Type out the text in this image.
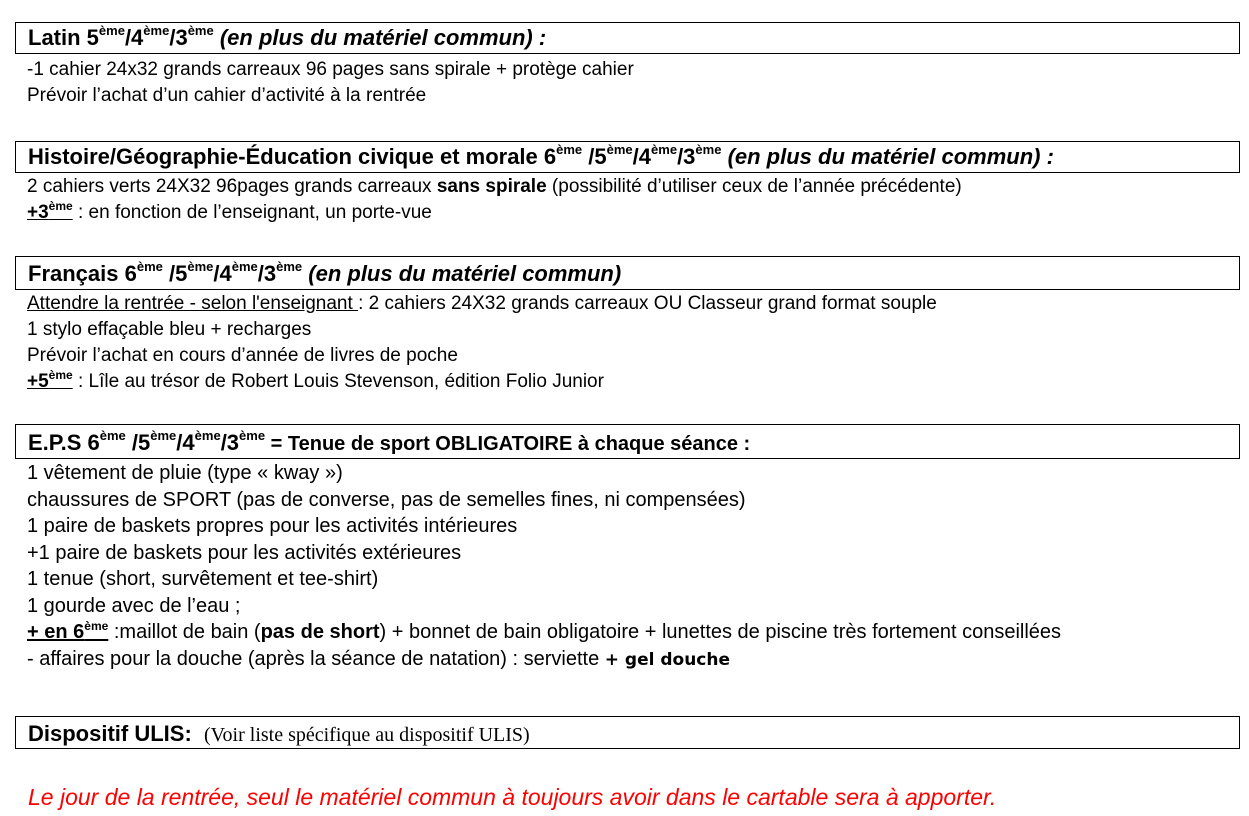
Latin 5ème/4ème/3ème (en plus du matériel commun) :
-1 cahier 24x32 grands carreaux 96 pages sans spirale + protège cahier
Prévoir l’achat d’un cahier d’activité à la rentrée
Histoire/Géographie-Éducation civique et morale 6ème /5ème/4ème/3ème (en plus du matériel commun) :
2 cahiers verts 24X32 96pages grands carreaux sans spirale (possibilité d’utiliser ceux de l’année précédente)
+3ème : en fonction de l’enseignant, un porte-vue
Français 6ème /5ème/4ème/3ème (en plus du matériel commun)
Attendre la rentrée - selon l'enseignant : 2 cahiers 24X32 grands carreaux OU Classeur grand format souple
1 stylo effaçable bleu + recharges
Prévoir l’achat en cours d’année de livres de poche
+5ème : Lîle au trésor de Robert Louis Stevenson, édition Folio Junior
E.P.S 6ème /5ème/4ème/3ème = Tenue de sport OBLIGATOIRE à chaque séance :
1 vêtement de pluie (type « kway »)
chaussures de SPORT (pas de converse, pas de semelles fines, ni compensées)
1 paire de baskets propres pour les activités intérieures
+1 paire de baskets pour les activités extérieures
1 tenue (short, survêtement et tee-shirt)
1 gourde avec de l’eau ;
+ en 6ème :maillot de bain (pas de short) + bonnet de bain obligatoire + lunettes de piscine très fortement conseillées
- affaires pour la douche (après la séance de natation) : serviette + gel douche
Dispositif ULIS: (Voir liste spécifique au dispositif ULIS)
Le jour de la rentrée, seul le matériel commun à toujours avoir dans le cartable sera à apporter.
